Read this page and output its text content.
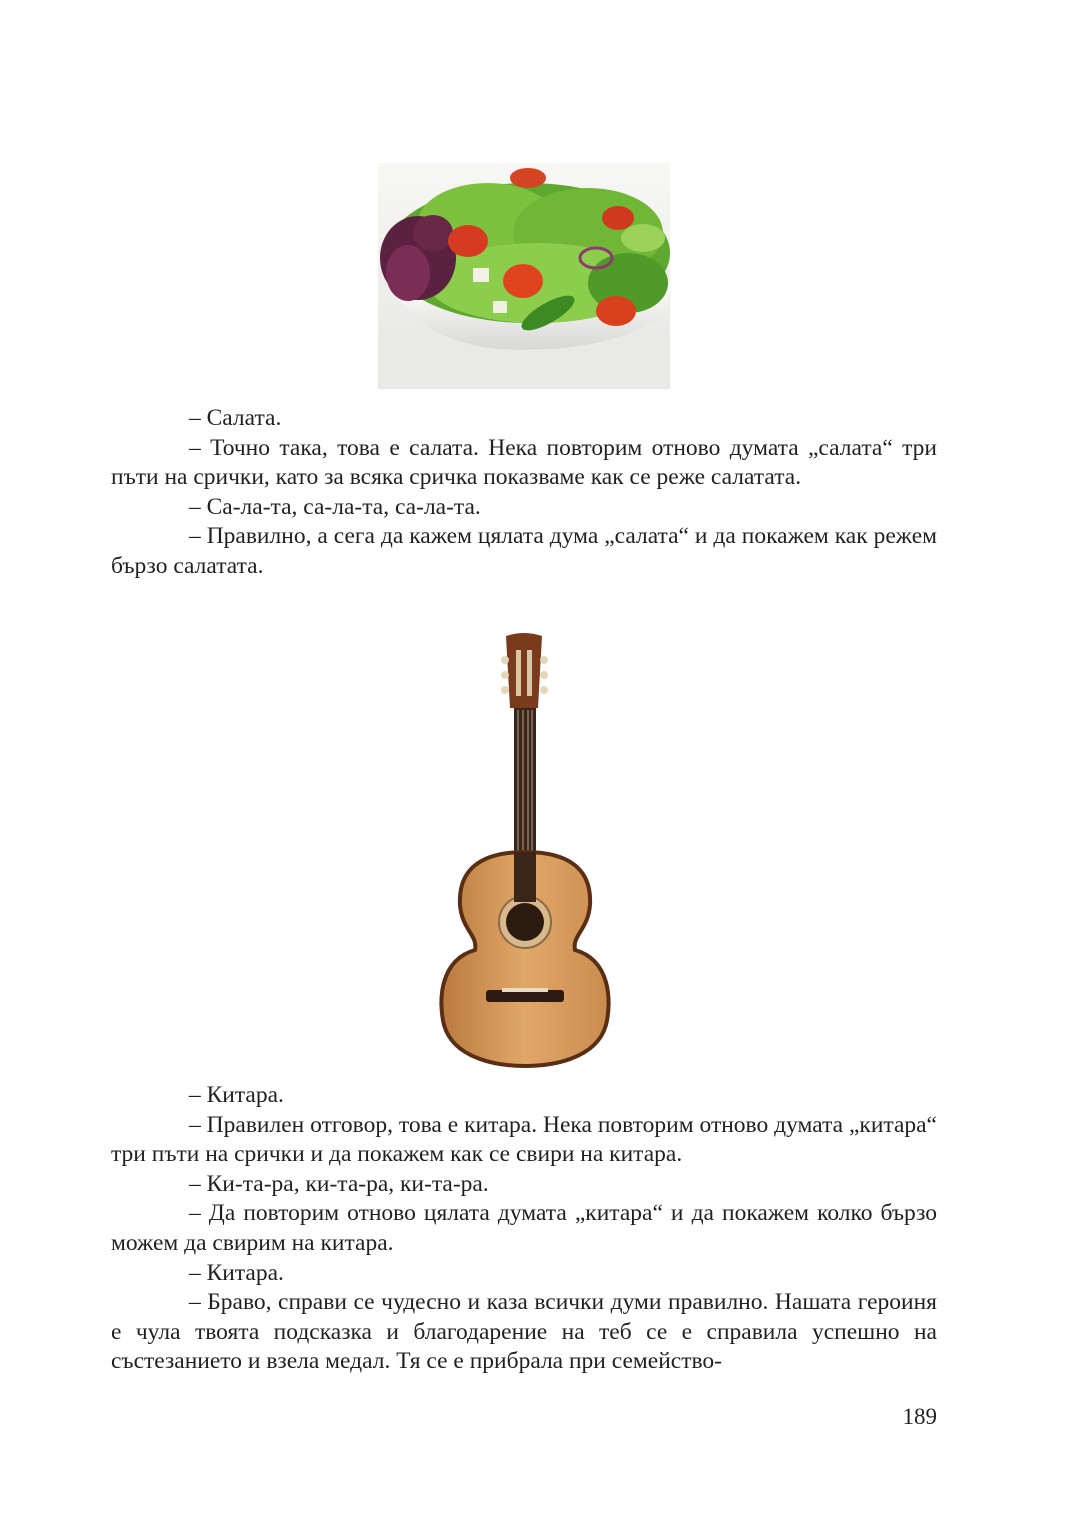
– Салата.

– Точно така, това е салата. Нека повторим отново думата „салата“ три пъти на срички, като за всяка сричка показваме как се реже салатата.

– Са-ла-та, са-ла-та, са-ла-та.

– Правилно, а сега да кажем цялата дума „салата“ и да покажем как режем бързо салатата.

– Китара.

– Правилен отговор, това е китара. Нека повторим отново думата „китара“ три пъти на срички и да покажем как се свири на китара.

– Ки-та-ра, ки-та-ра, ки-та-ра.

– Да повторим отново цялата думата „китара“ и да покажем колко бързо можем да свирим на китара.

– Китара.

– Браво, справи се чудесно и каза всички думи правилно. Нашата героиня е чула твоята подсказка и благодарение на теб се е справила успешно на състезанието и взела медал. Тя се е прибрала при семейство-

189
